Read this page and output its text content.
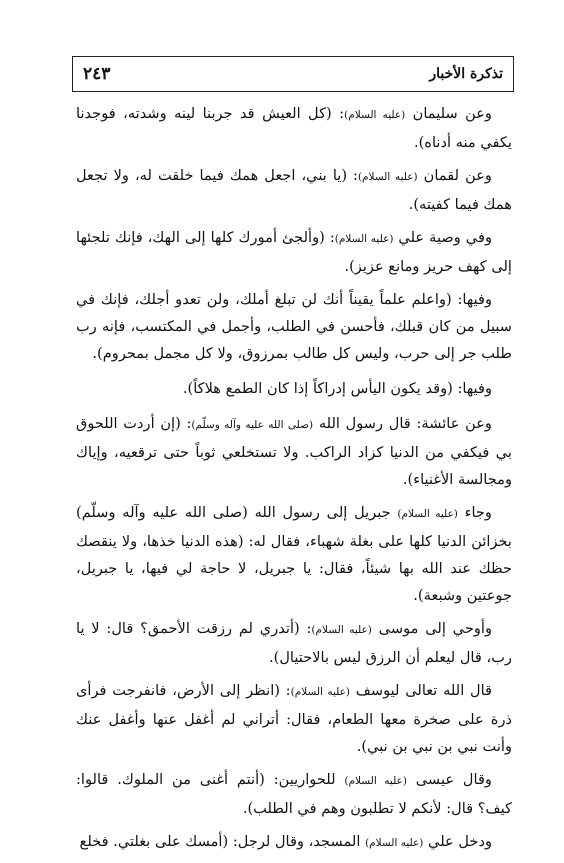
تذكرة الأخبار
٢٤٣

وعن سليمان (عليه السلام): (كل العيش قد جربنا لينه وشدته، فوجدنا يكفي منه أدناه).

وعن لقمان (عليه السلام): (يا بني، اجعل همك فيما خلقت له، ولا تجعل همك فيما كفيته).

وفي وصية علي (عليه السلام): (وألجئ أمورك كلها إلى الهك، فإنك تلجئها إلى كهف حريز ومانع عزيز).

وفيها: (واعلم علماً يقيناً أنك لن تبلغ أملك، ولن تعدو أجلك، فإنك في سبيل من كان قبلك، فأحسن في الطلب، وأجمل في المكتسب، فإنه رب طلب جر إلى حرب، وليس كل طالب بمرزوق، ولا كل مجمل بمحروم).

وفيها: (وقد يكون اليأس إدراكاً إذا كان الطمع هلاكاً).

وعن عائشة: قال رسول الله (صلى الله عليه وآله وسلّم): (إن أردت اللحوق بي فيكفي من الدنيا كزاد الراكب. ولا تستخلعي ثوباً حتى ترقعيه، وإياك ومجالسة الأغنياء).

وجاء (عليه السلام) جبريل إلى رسول الله (صلى الله عليه وآله وسلّم) بخزائن الدنيا كلها على بغلة شهباء، فقال له: (هذه الدنيا خذها، ولا ينقصك حظك عند الله بها شيئاً، فقال: يا جبريل، لا حاجة لي فيها، يا جبريل، جوعتين وشبعة).

وأوحي إلى موسى (عليه السلام): (أتدري لم رزقت الأحمق؟ قال: لا يا رب، قال ليعلم أن الرزق ليس بالاحتيال).

قال الله تعالى ليوسف (عليه السلام): (انظر إلى الأرض، فانفرجت فرأى ذرة على صخرة معها الطعام، فقال: أتراني لم أغفل عنها وأغفل عنك وأنت نبي بن نبي بن نبي).

وقال عيسى (عليه السلام) للحواريين: (أنتم أغنى من الملوك. قالوا: كيف؟ قال: لأنكم لا تطلبون وهم في الطلب).

ودخل علي (عليه السلام) المسجد، وقال لرجل: (أمسك على بغلتي. فخلع
